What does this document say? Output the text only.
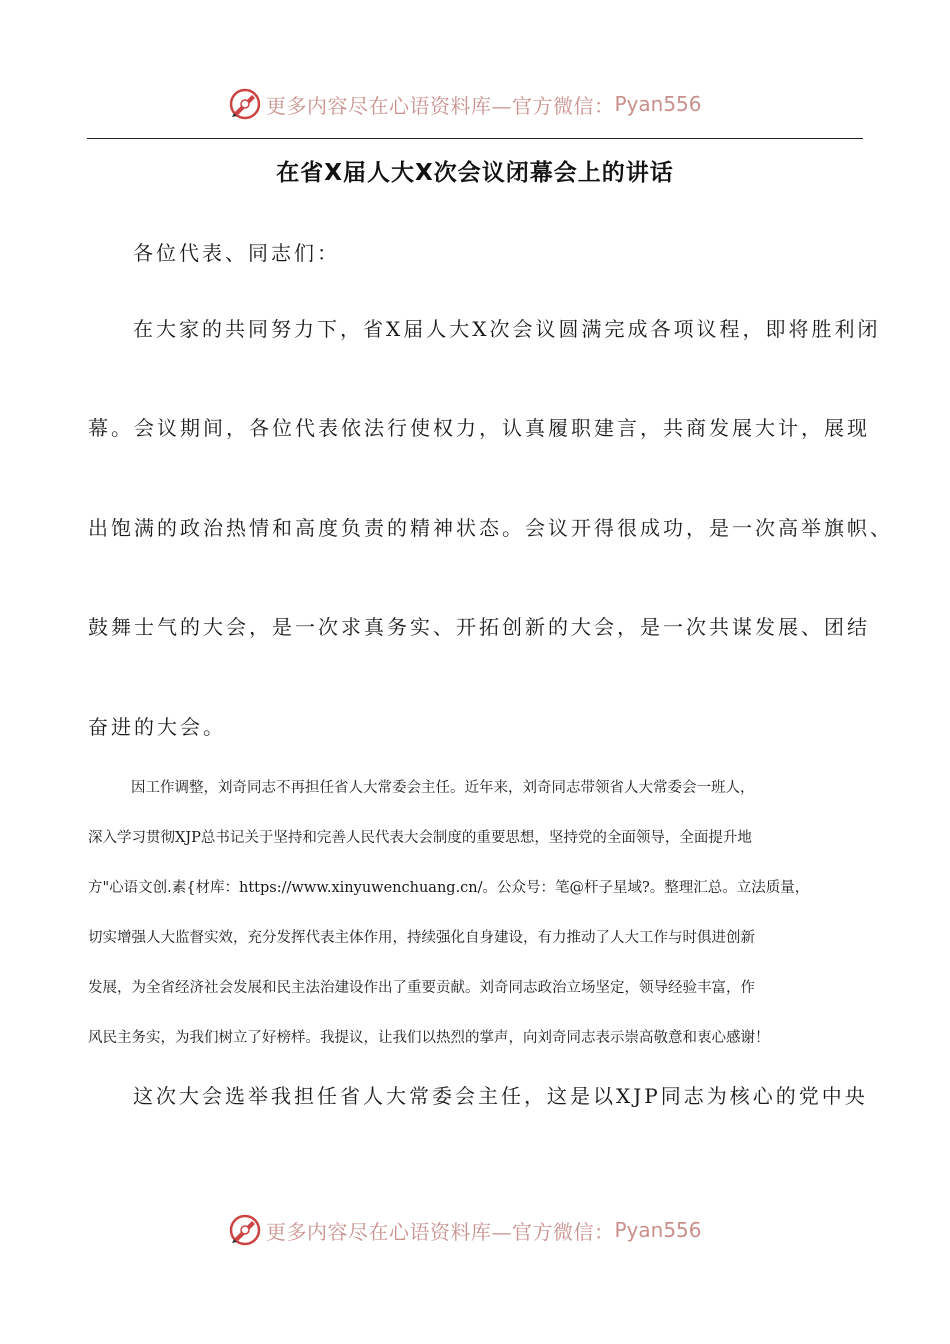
更多内容尽在心语资料库—官方微信： Pyan556
在省X届人大X次会议闭幕会上的讲话
各位代表、同志们：
在大家的共同努力下，省X届人大X次会议圆满完成各项议程，即将胜利闭
幕。会议期间，各位代表依法行使权力，认真履职建言，共商发展大计，展现
出饱满的政治热情和高度负责的精神状态。会议开得很成功，是一次高举旗帜、
鼓舞士气的大会，是一次求真务实、开拓创新的大会，是一次共谋发展、团结
奋进的大会。
因工作调整，刘奇同志不再担任省人大常委会主任。近年来，刘奇同志带领省人大常委会一班人，
深入学习贯彻XJP总书记关于坚持和完善人民代表大会制度的重要思想，坚持党的全面领导，全面提升地
方"心语文创.素{材库：https://www.xinyuwenchuang.cn/。公众号：笔@杆子星域?。整理汇总。立法质量，
切实增强人大监督实效，充分发挥代表主体作用，持续强化自身建设，有力推动了人大工作与时俱进创新
发展，为全省经济社会发展和民主法治建设作出了重要贡献。刘奇同志政治立场坚定，领导经验丰富，作
风民主务实，为我们树立了好榜样。我提议，让我们以热烈的掌声，向刘奇同志表示崇高敬意和衷心感谢！
这次大会选举我担任省人大常委会主任，这是以XJP同志为核心的党中央
更多内容尽在心语资料库—官方微信： Pyan556
